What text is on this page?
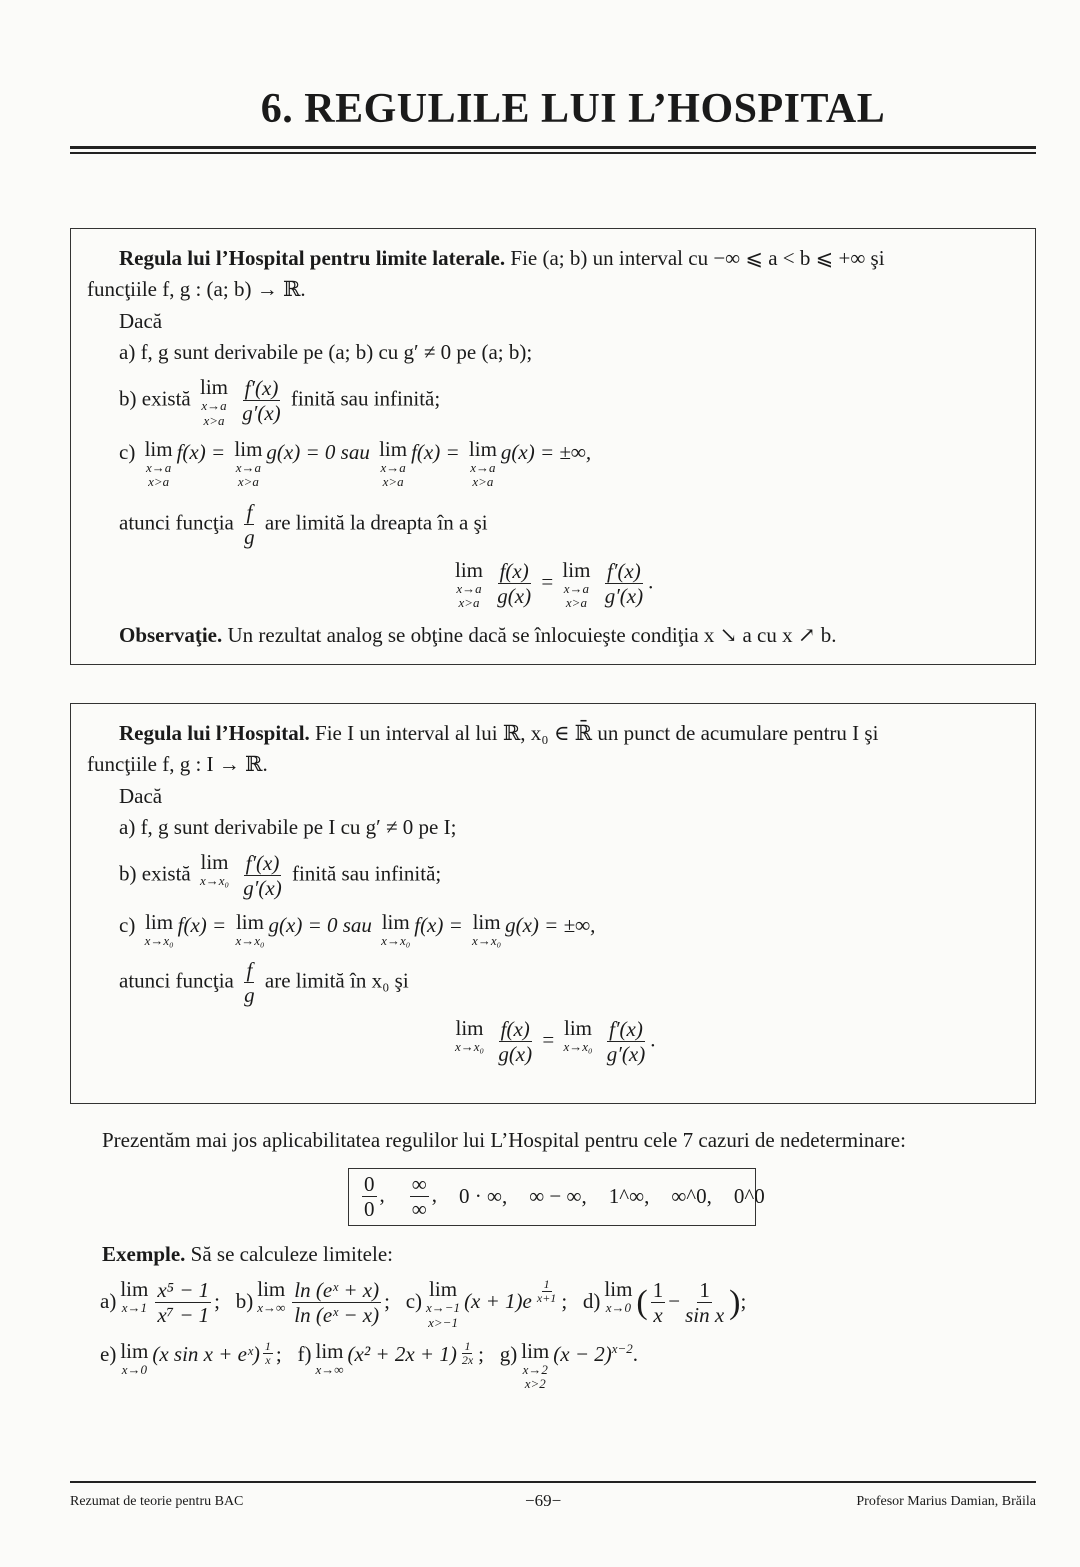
6. REGULILE LUI L’HOSPITAL
Regula lui l’Hospital pentru limite laterale. Fie (a; b) un interval cu −∞ ⩽ a < b ⩽ +∞ şi
funcţiile f, g : (a; b) → ℝ.
Dacă
a) f, g sunt derivabile pe (a; b) cu g′ ≠ 0 pe (a; b);
b) există lim
x→a
x>a
$\frac{f'(x)}{g'(x)}$ finită sau infinită;
c) lim
x→a
x>a
f(x) = lim
x→a
x>a
g(x) = 0 sau lim
x→a
x>a
f(x) = lim
x→a
x>a
g(x) = ±∞,
atunci funcţia $\frac{f}{g}$ are limită la dreapta în a şi
lim
x→a
x>a
$\frac{f(x)}{g(x)} = \lim$
x→a
x>a
$\frac{f'(x)}{g'(x)}$ .
Observaţie. Un rezultat analog se obţine dacă se înlocuieşte condiţia x ↘ a cu x ↗ b.
Regula lui l’Hospital. Fie I un interval al lui ℝ, x₀ ∈ ℝ̄ un punct de acumulare pentru I şi
funcţiile f, g : I → ℝ.
Dacă
a) f, g sunt derivabile pe I cu g′ ≠ 0 pe I;
b) există lim
x→x₀
$\frac{f'(x)}{g'(x)}$ finită sau infinită;
c) lim
x→x₀
f(x) = lim
x→x₀
g(x) = 0 sau lim
x→x₀
f(x) = lim
x→x₀
g(x) = ±∞,
atunci funcţia $\frac{f}{g}$ are limită în x₀ şi
lim
x→x₀
$\frac{f(x)}{g(x)} = \lim$
x→x₀
$\frac{f'(x)}{g'(x)}$ .
Prezentăm mai jos aplicabilitatea regulilor lui L’Hospital pentru cele 7 cazuri de nedeterminare:
$\frac{0}{0}$ , $\frac{\infty}{\infty}$ , 0 · ∞, ∞ − ∞, 1^∞, ∞^0, 0^0
Exemple. Să se calculeze limitele:
a) lim
$x\to 1 \frac{\text{x⁵ − 1}}{\text{x⁷ − 1}}$ ; b) lim
$x\to\infty \frac{\text{ln (eˣ + x)}}{\text{ln (eˣ − x)}}$ ; c) lim
x→−1
x>−1
$(x + 1)e \frac{1}{x+1}$ ; d) lim
x→0 ( $\frac{1}{x} - \frac{1}{\text{sin x}}$ );
e) lim
x→0
(x sin x + eˣ) $\frac{1}{x}$ ; f) lim
x→∞
$(x^2 + 2x + 1) \frac{1}{2x}$ ; g) lim
x→2
x>2
$(x - 2)^{x-2}$.
Rezumat de teorie pentru BAC	−69−	Profesor Marius Damian, Brăila
